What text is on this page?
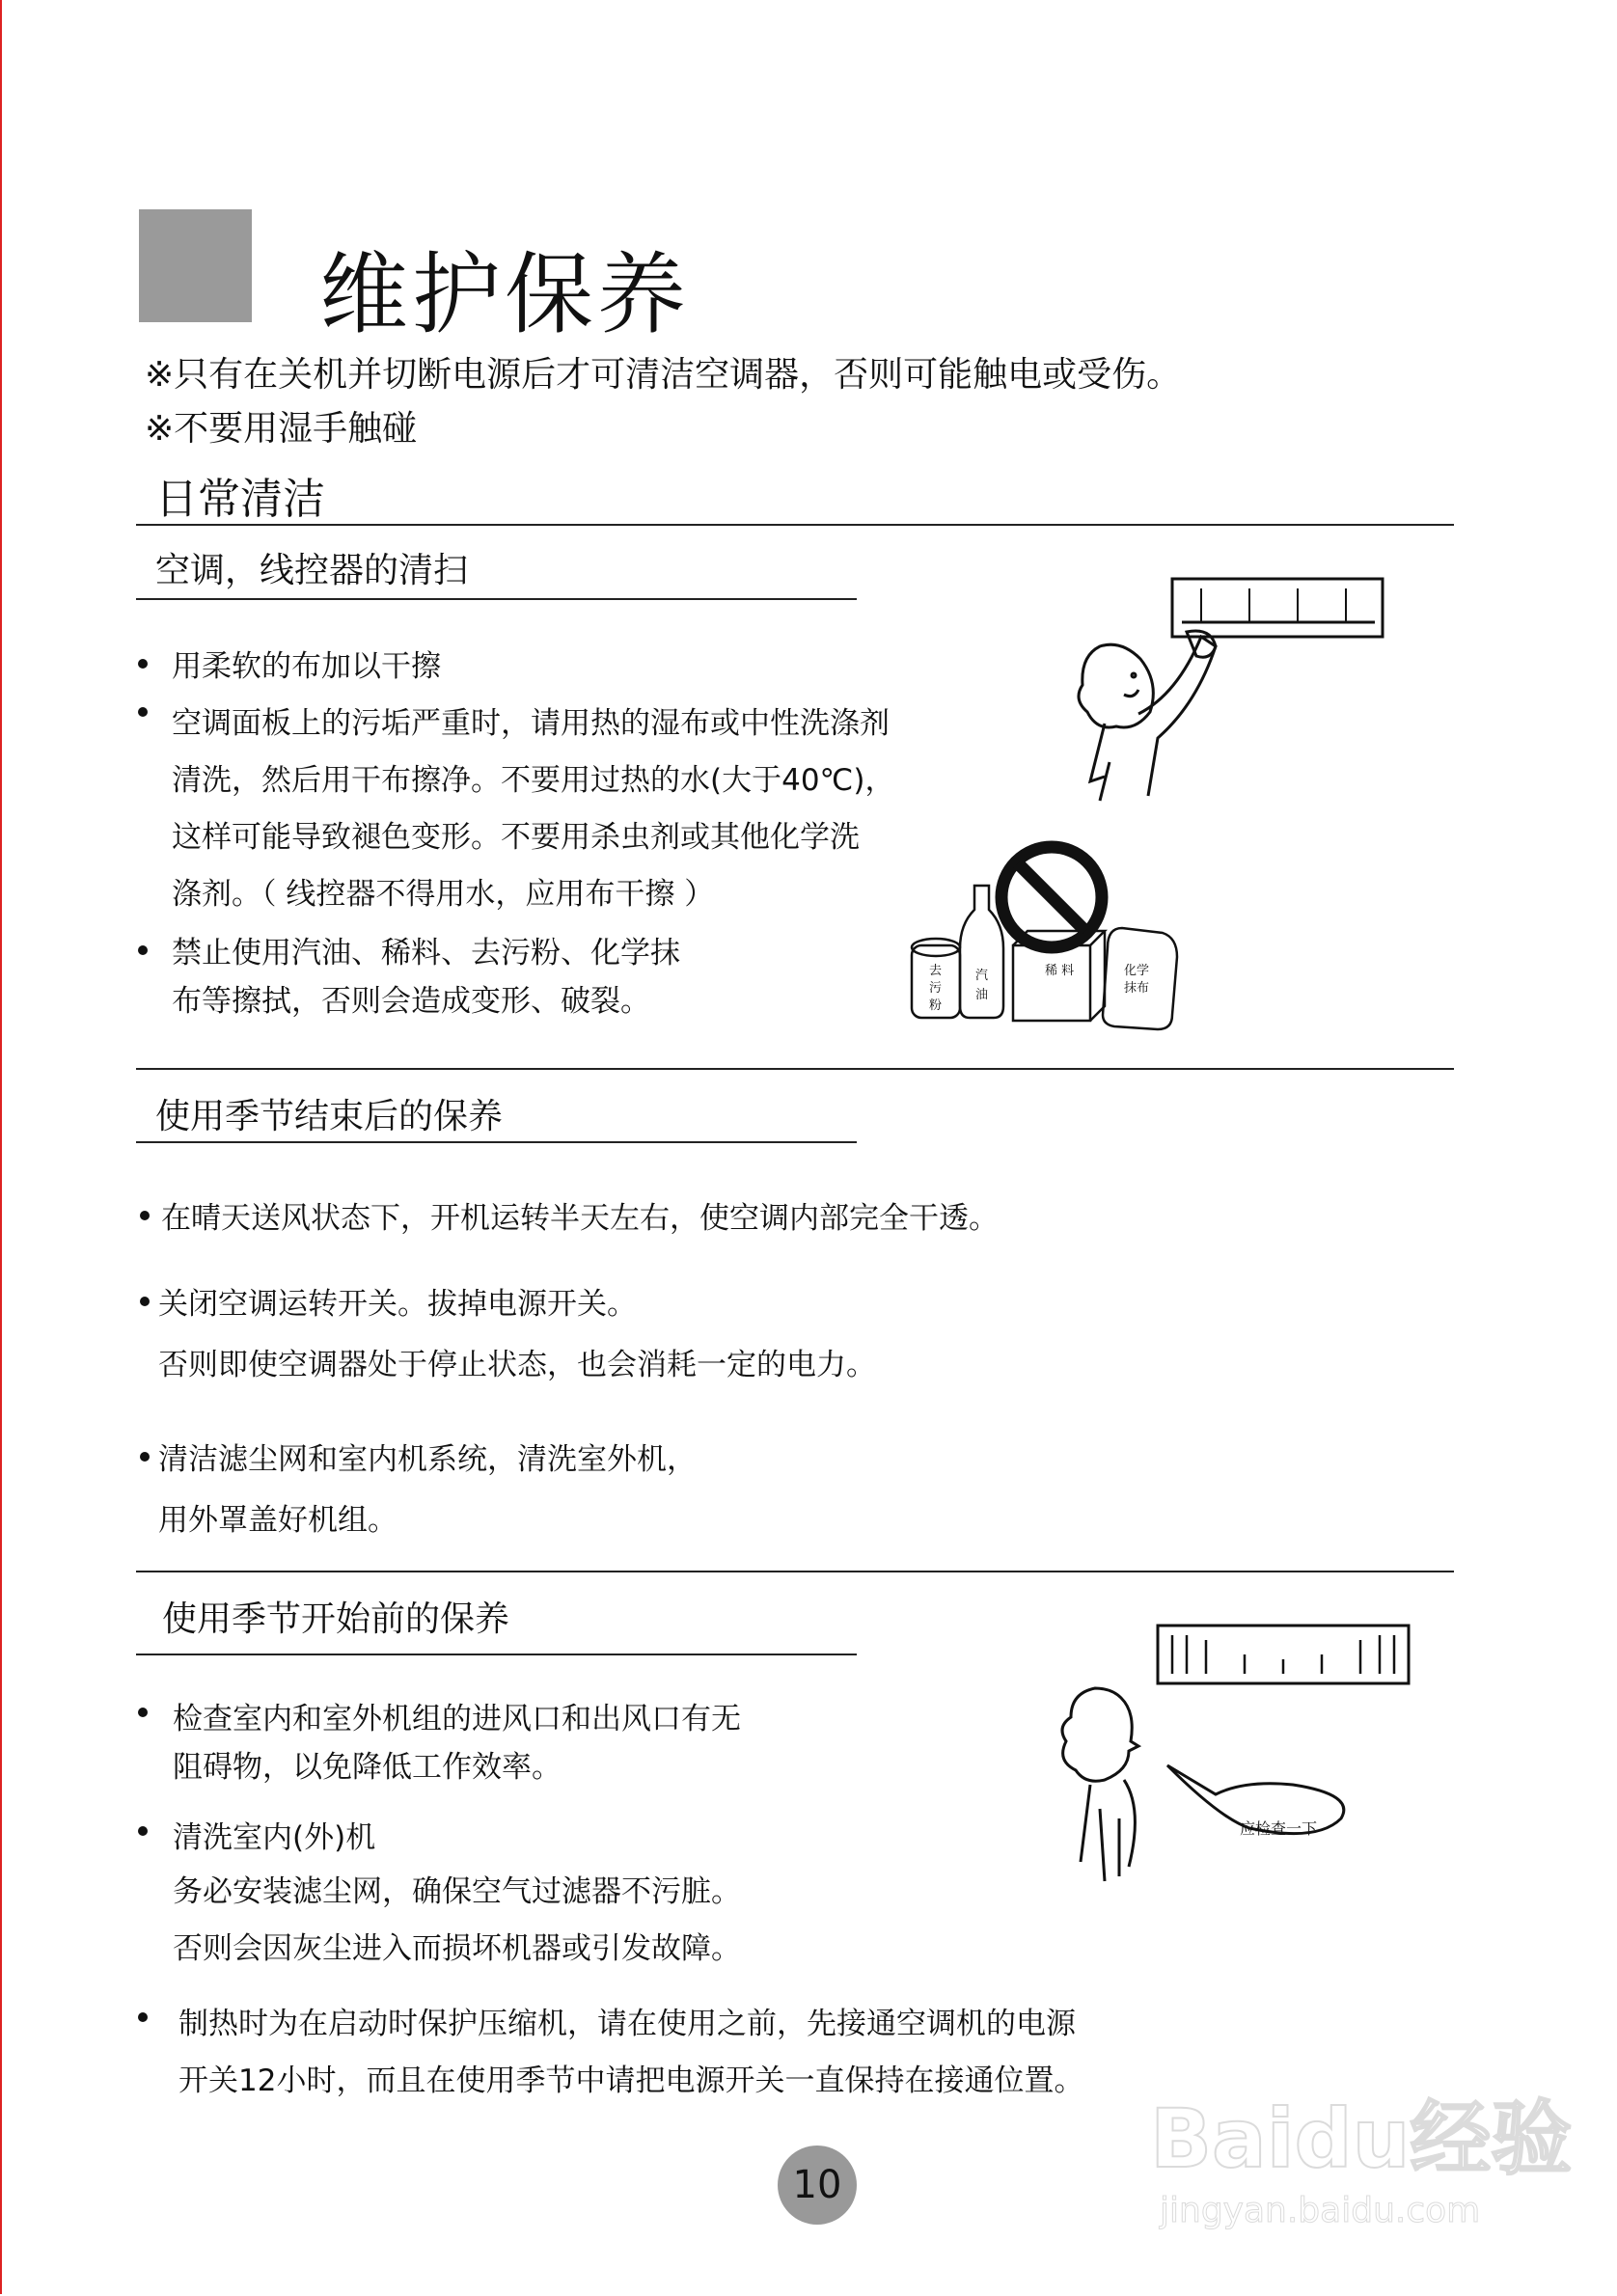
维护保养
※只有在关机并切断电源后才可清洁空调器，否则可能触电或受伤。
※不要用湿手触碰
日常清洁
空调，线控器的清扫
用柔软的布加以干擦
空调面板上的污垢严重时，请用热的湿布或中性洗涤剂
清洗，然后用干布擦净。不要用过热的水(大于40℃)，
这样可能导致褪色变形。不要用杀虫剂或其他化学洗
涤剂。（ 线控器不得用水，应用布干擦 ）
禁止使用汽油、稀料、去污粉、化学抹
布等擦拭，否则会造成变形、破裂。
去
污
粉
汽
油
稀 料	化学
抹布
使用季节结束后的保养
在晴天送风状态下，开机运转半天左右，使空调内部完全干透。
关闭空调运转开关。拔掉电源开关。
否则即使空调器处于停止状态，也会消耗一定的电力。
清洁滤尘网和室内机系统，清洗室外机，
用外罩盖好机组。
使用季节开始前的保养
检查室内和室外机组的进风口和出风口有无
阻碍物，以免降低工作效率。
清洗室内(外)机
务必安装滤尘网，确保空气过滤器不污脏。
否则会因灰尘进入而损坏机器或引发故障。
制热时为在启动时保护压缩机，请在使用之前，先接通空调机的电源
开关12小时，而且在使用季节中请把电源开关一直保持在接通位置。
应检查一下
10	Baidu经验
jingyan.baidu.com
